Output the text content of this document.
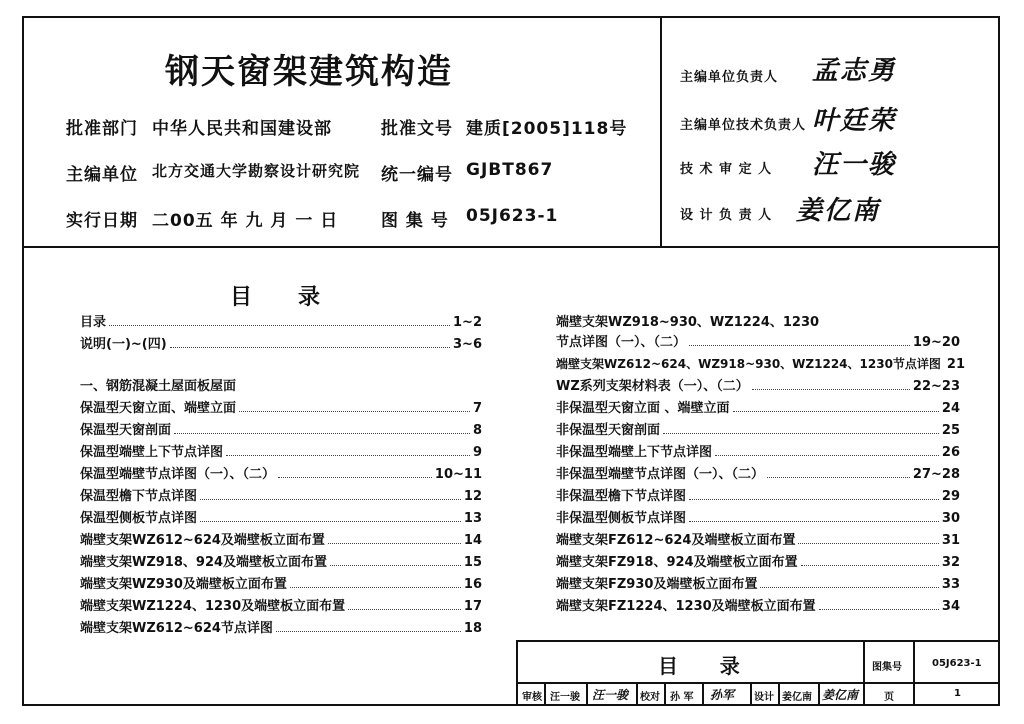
钢天窗架建筑构造
批准部门 中华人民共和国建设部	批准文号 建质[2005]118号
主编单位 北方交通大学勘察设计研究院 统一编号 GJBT867
实行日期 二00五 年 九 月 一 日	图 集 号 05J623-1
主编单位负责人 孟志勇
主编单位技术负责人 叶廷荣
技 术 审 定 人 汪一骏
设 计 负 责 人 姜亿南
目      录
目录	1~2
说明(一)~(四)	3~6
一、钢筋混凝土屋面板屋面
保温型天窗立面、端壁立面	7
保温型天窗剖面	8
保温型端壁上下节点详图	9
保温型端壁节点详图（一）、（二）	10~11
保温型檐下节点详图	12
保温型侧板节点详图	13
端壁支架WZ612~624及端壁板立面布置	14
端壁支架WZ918、924及端壁板立面布置	15
端壁支架WZ930及端壁板立面布置	16
端壁支架WZ1224、1230及端壁板立面布置	17
端壁支架WZ612~624节点详图	18
端壁支架WZ918~930、WZ1224、1230
节点详图（一）、（二）	19~20
端壁支架WZ612~624、WZ918~930、WZ1224、1230节点详图 21
WZ系列支架材料表（一）、（二）	22~23
非保温型天窗立面 、端壁立面	24
非保温型天窗剖面	25
非保温型端壁上下节点详图	26
非保温型端壁节点详图（一）、（二）	27~28
非保温型檐下节点详图	29
非保温型侧板节点详图	30
端壁支架FZ612~624及端壁板立面布置	31
端壁支架FZ918、924及端壁板立面布置	32
端壁支架FZ930及端壁板立面布置	33
端壁支架FZ1224、1230及端壁板立面布置	34
目      录	图集号	05J623-1
审核 汪一骏 汪一骏 校对 孙 军 孙军 设计 姜亿南 姜亿南	页	1
